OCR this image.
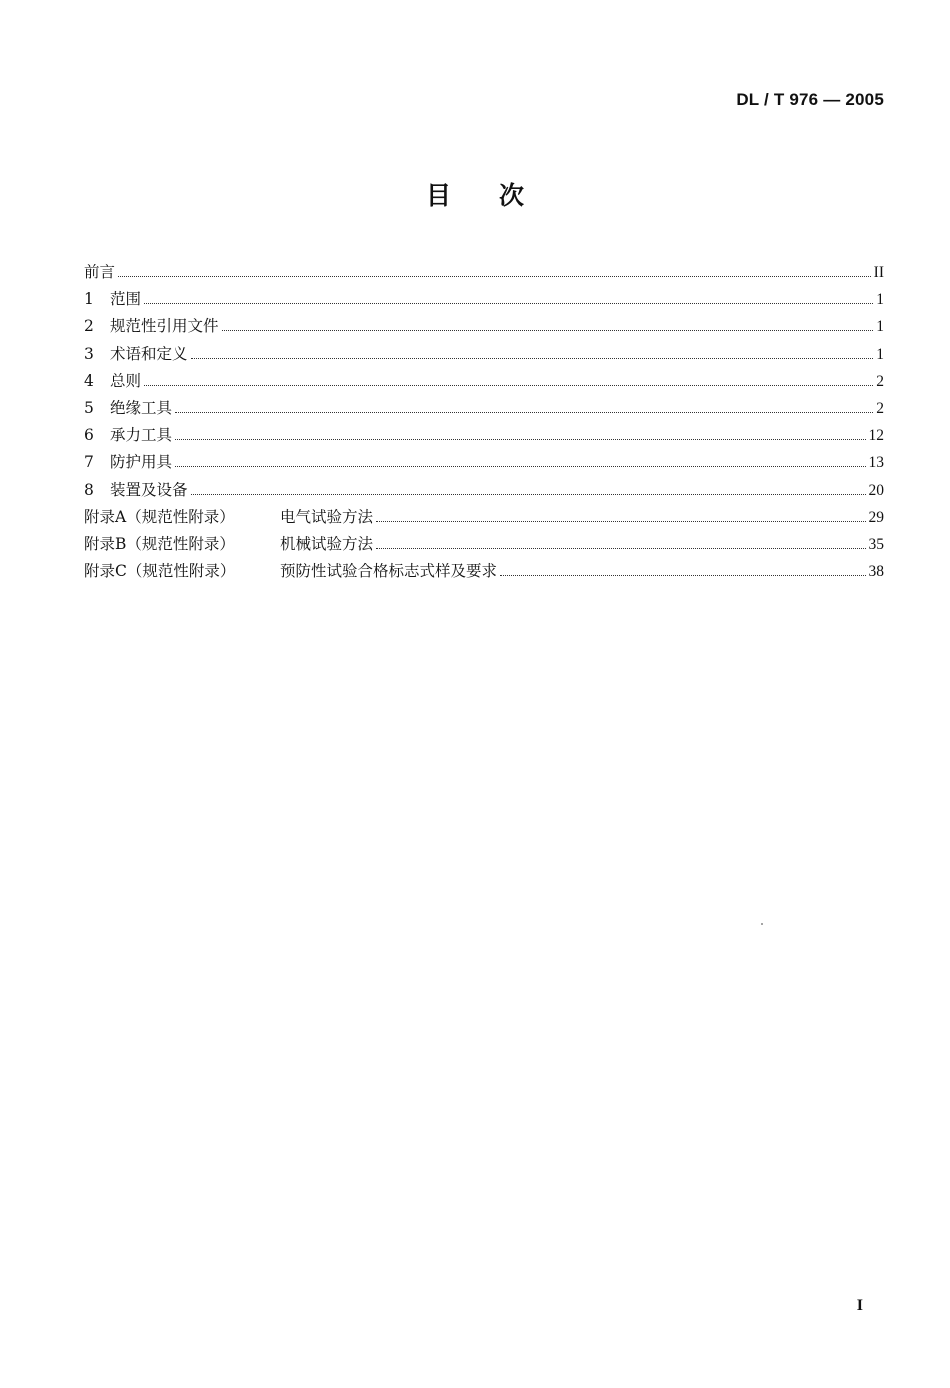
DL / T 976 — 2005
目次
前言	II
1	范围	1
2	规范性引用文件	1
3	术语和定义	1
4	总则	2
5	绝缘工具	2
6	承力工具	12
7	防护用具	13
8	装置及设备	20
附录A（规范性附录）	电气试验方法	29
附录B（规范性附录）	机械试验方法	35
附录C（规范性附录）	预防性试验合格标志式样及要求	38
I
